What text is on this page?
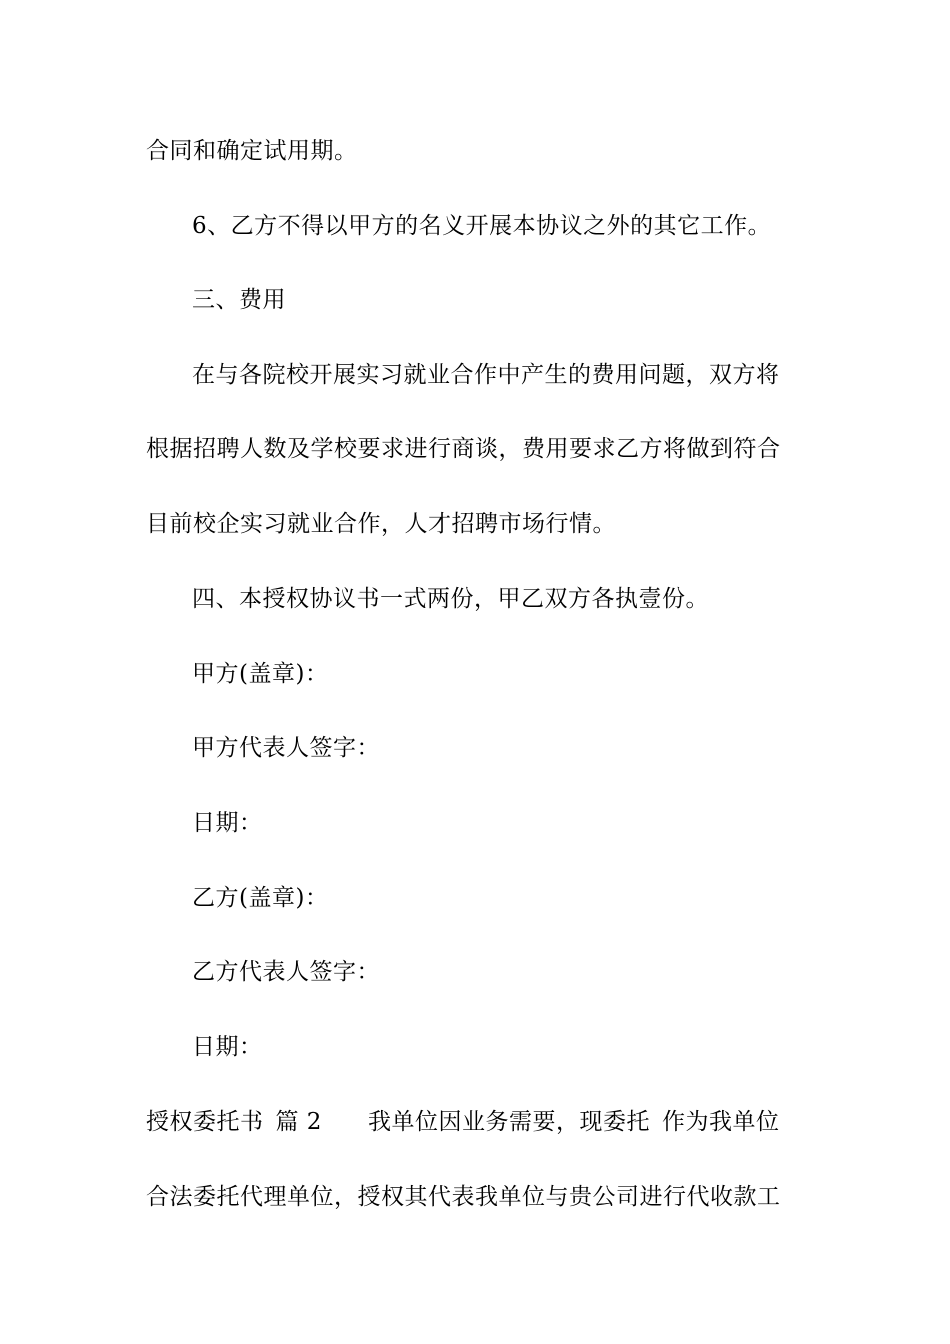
合同和确定试用期。
6、乙方不得以甲方的名义开展本协议之外的其它工作。
三、费用
在与各院校开展实习就业合作中产生的费用问题，双方将
根据招聘人数及学校要求进行商谈，费用要求乙方将做到符合
目前校企实习就业合作，人才招聘市场行情。
四、本授权协议书一式两份，甲乙双方各执壹份。
甲方(盖章)：
甲方代表人签字：
日期：
乙方(盖章)：
乙方代表人签字：
日期：
授权委托书 篇 2 我单位因业务需要，现委托 作为我单位
合法委托代理单位，授权其代表我单位与贵公司进行代收款工
